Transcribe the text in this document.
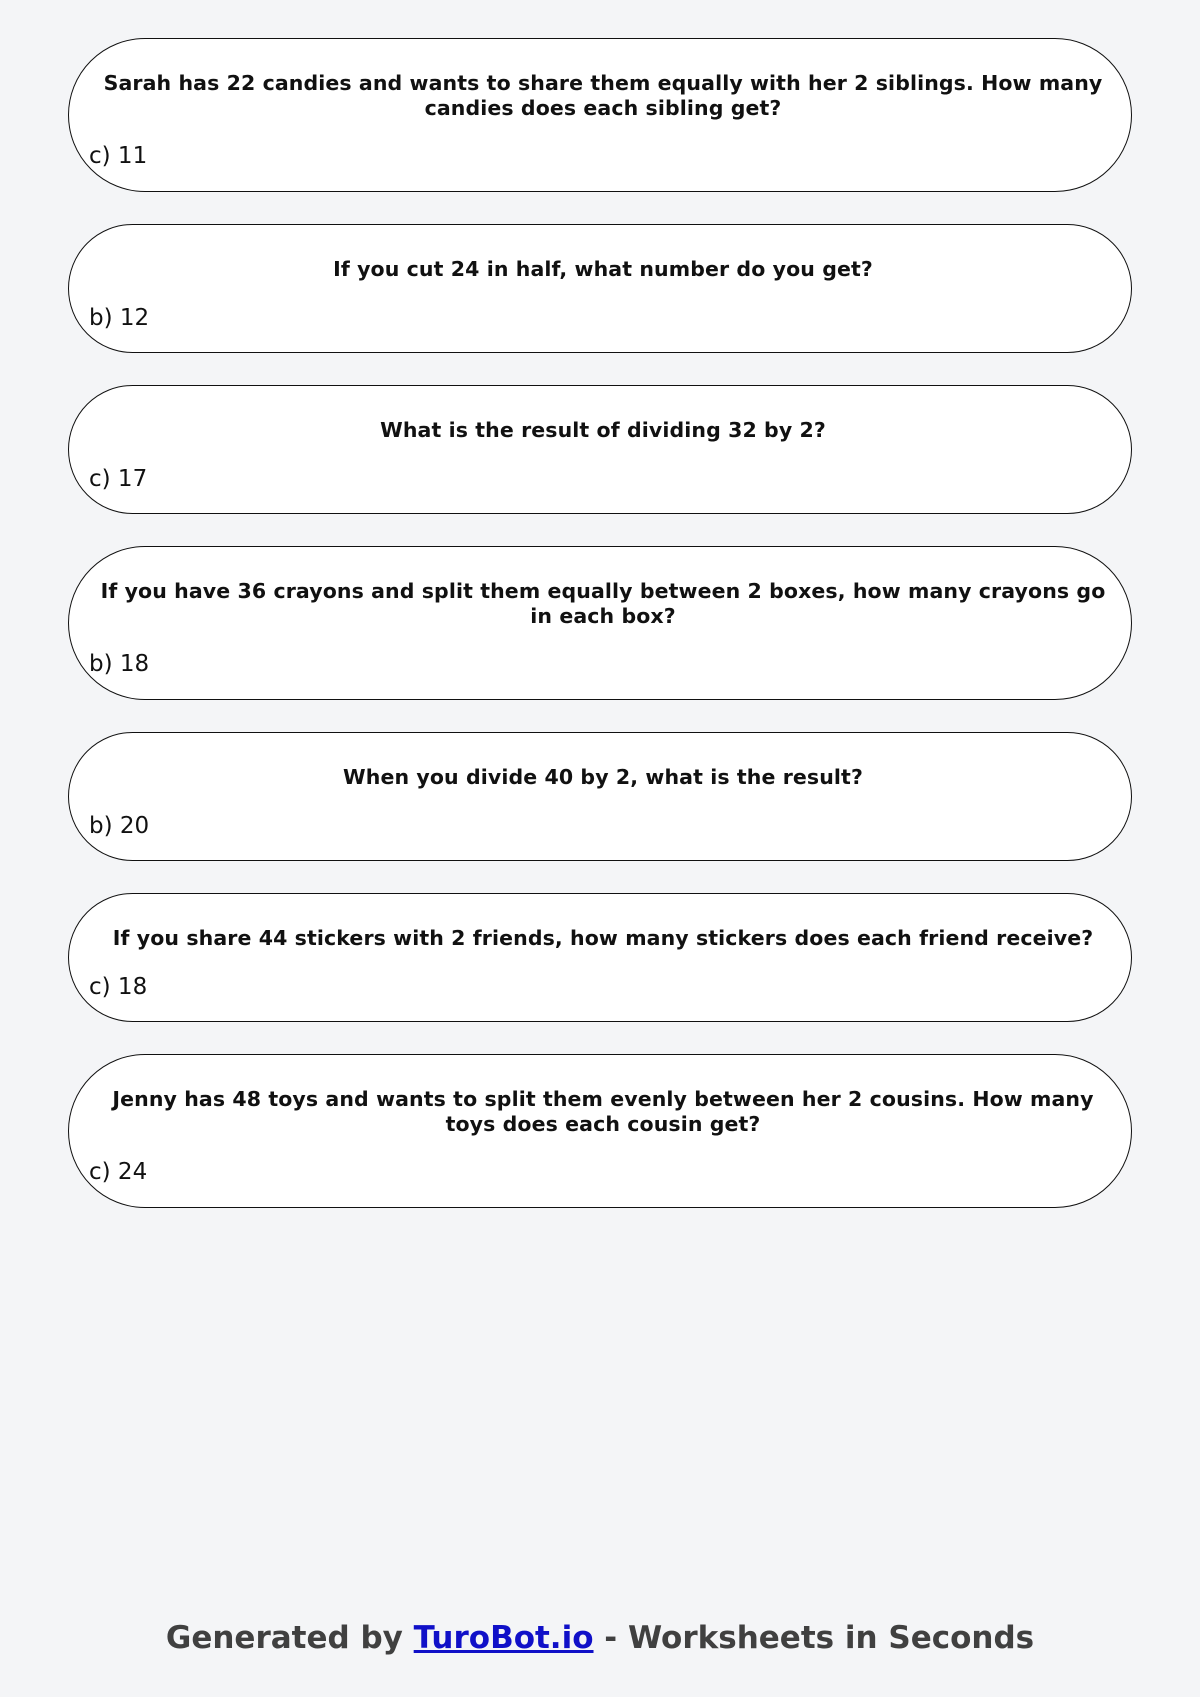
Sarah has 22 candies and wants to share them equally with her 2 siblings. How many candies does each sibling get?
c) 11
If you cut 24 in half, what number do you get?
b) 12
What is the result of dividing 32 by 2?
c) 17
If you have 36 crayons and split them equally between 2 boxes, how many crayons go in each box?
b) 18
When you divide 40 by 2, what is the result?
b) 20
If you share 44 stickers with 2 friends, how many stickers does each friend receive?
c) 18
Jenny has 48 toys and wants to split them evenly between her 2 cousins. How many toys does each cousin get?
c) 24
Generated by TuroBot.io - Worksheets in Seconds
